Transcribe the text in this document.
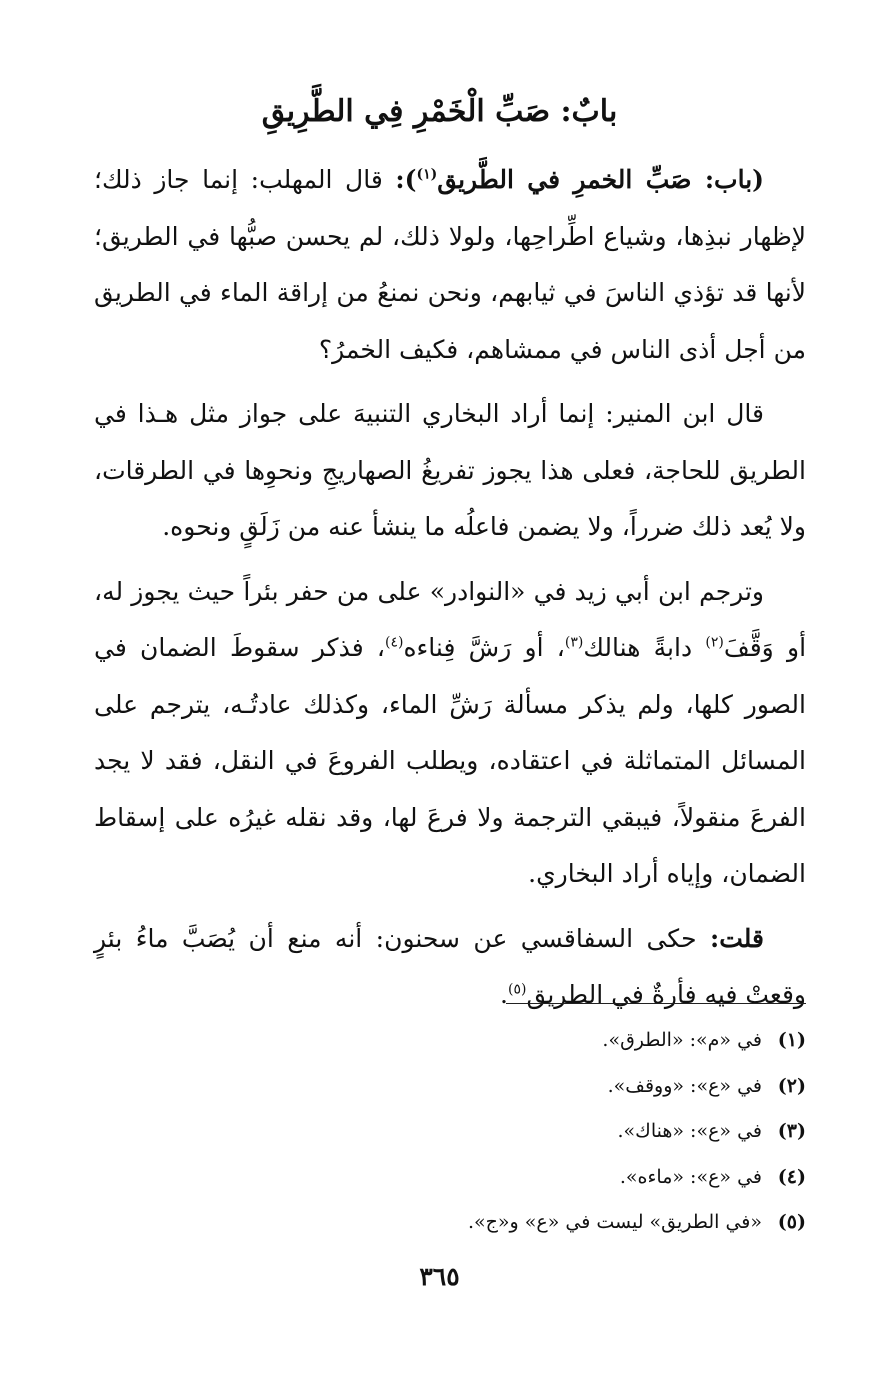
بابٌ: صَبِّ الْخَمْرِ فِي الطَّرِيقِ

(باب: صَبِّ الخمرِ في الطَّريق$^{(١)}$): قال المهلب: إنما جاز ذلك؛ لإظهار نبذِها، وشياع اطِّراحِها، ولولا ذلك، لم يحسن صبُّها في الطريق؛ لأنها قد تؤذي الناسَ في ثيابهم، ونحن نمنعُ من إراقة الماء في الطريق من أجل أذى الناس في ممشاهم، فكيف الخمرُ؟

قال ابن المنير: إنما أراد البخاري التنبيهَ على جواز مثل هـذا في الطريق للحاجة، فعلى هذا يجوز تفريغُ الصهاريجِ ونحوِها في الطرقات، ولا يُعد ذلك ضرراً، ولا يضمن فاعلُه ما ينشأ عنه من زَلَقٍ ونحوه.

وترجم ابن أبي زيد في «النوادر» على من حفر بئراً حيث يجوز له، أو وَقَّفَ$^{(٢)}$ دابةً هنالك$^{(٣)}$، أو رَشَّ فِناءه$^{(٤)}$، فذكر سقوطَ الضمان في الصور كلها، ولم يذكر مسألة رَشِّ الماء، وكذلك عادتُـه، يترجم على المسائل المتماثلة في اعتقاده، ويطلب الفروعَ في النقل، فقد لا يجد الفرعَ منقولاً، فيبقي الترجمة ولا فرعَ لها، وقد نقله غيرُه على إسقاط الضمان، وإياه أراد البخاري.

قلت: حكى السفاقسي عن سحنون: أنه منع أن يُصَبَّ ماءُ بئرٍ وقعتْ فيه فأرةٌ في الطريق$^{(٥)}$.

(١)في «م»: «الطرق».
(٢)في «ع»: «ووقف».
(٣)في «ع»: «هناك».
(٤)في «ع»: «ماءه».
(٥)«في الطريق» ليست في «ع» و«ج».
٣٦٥
